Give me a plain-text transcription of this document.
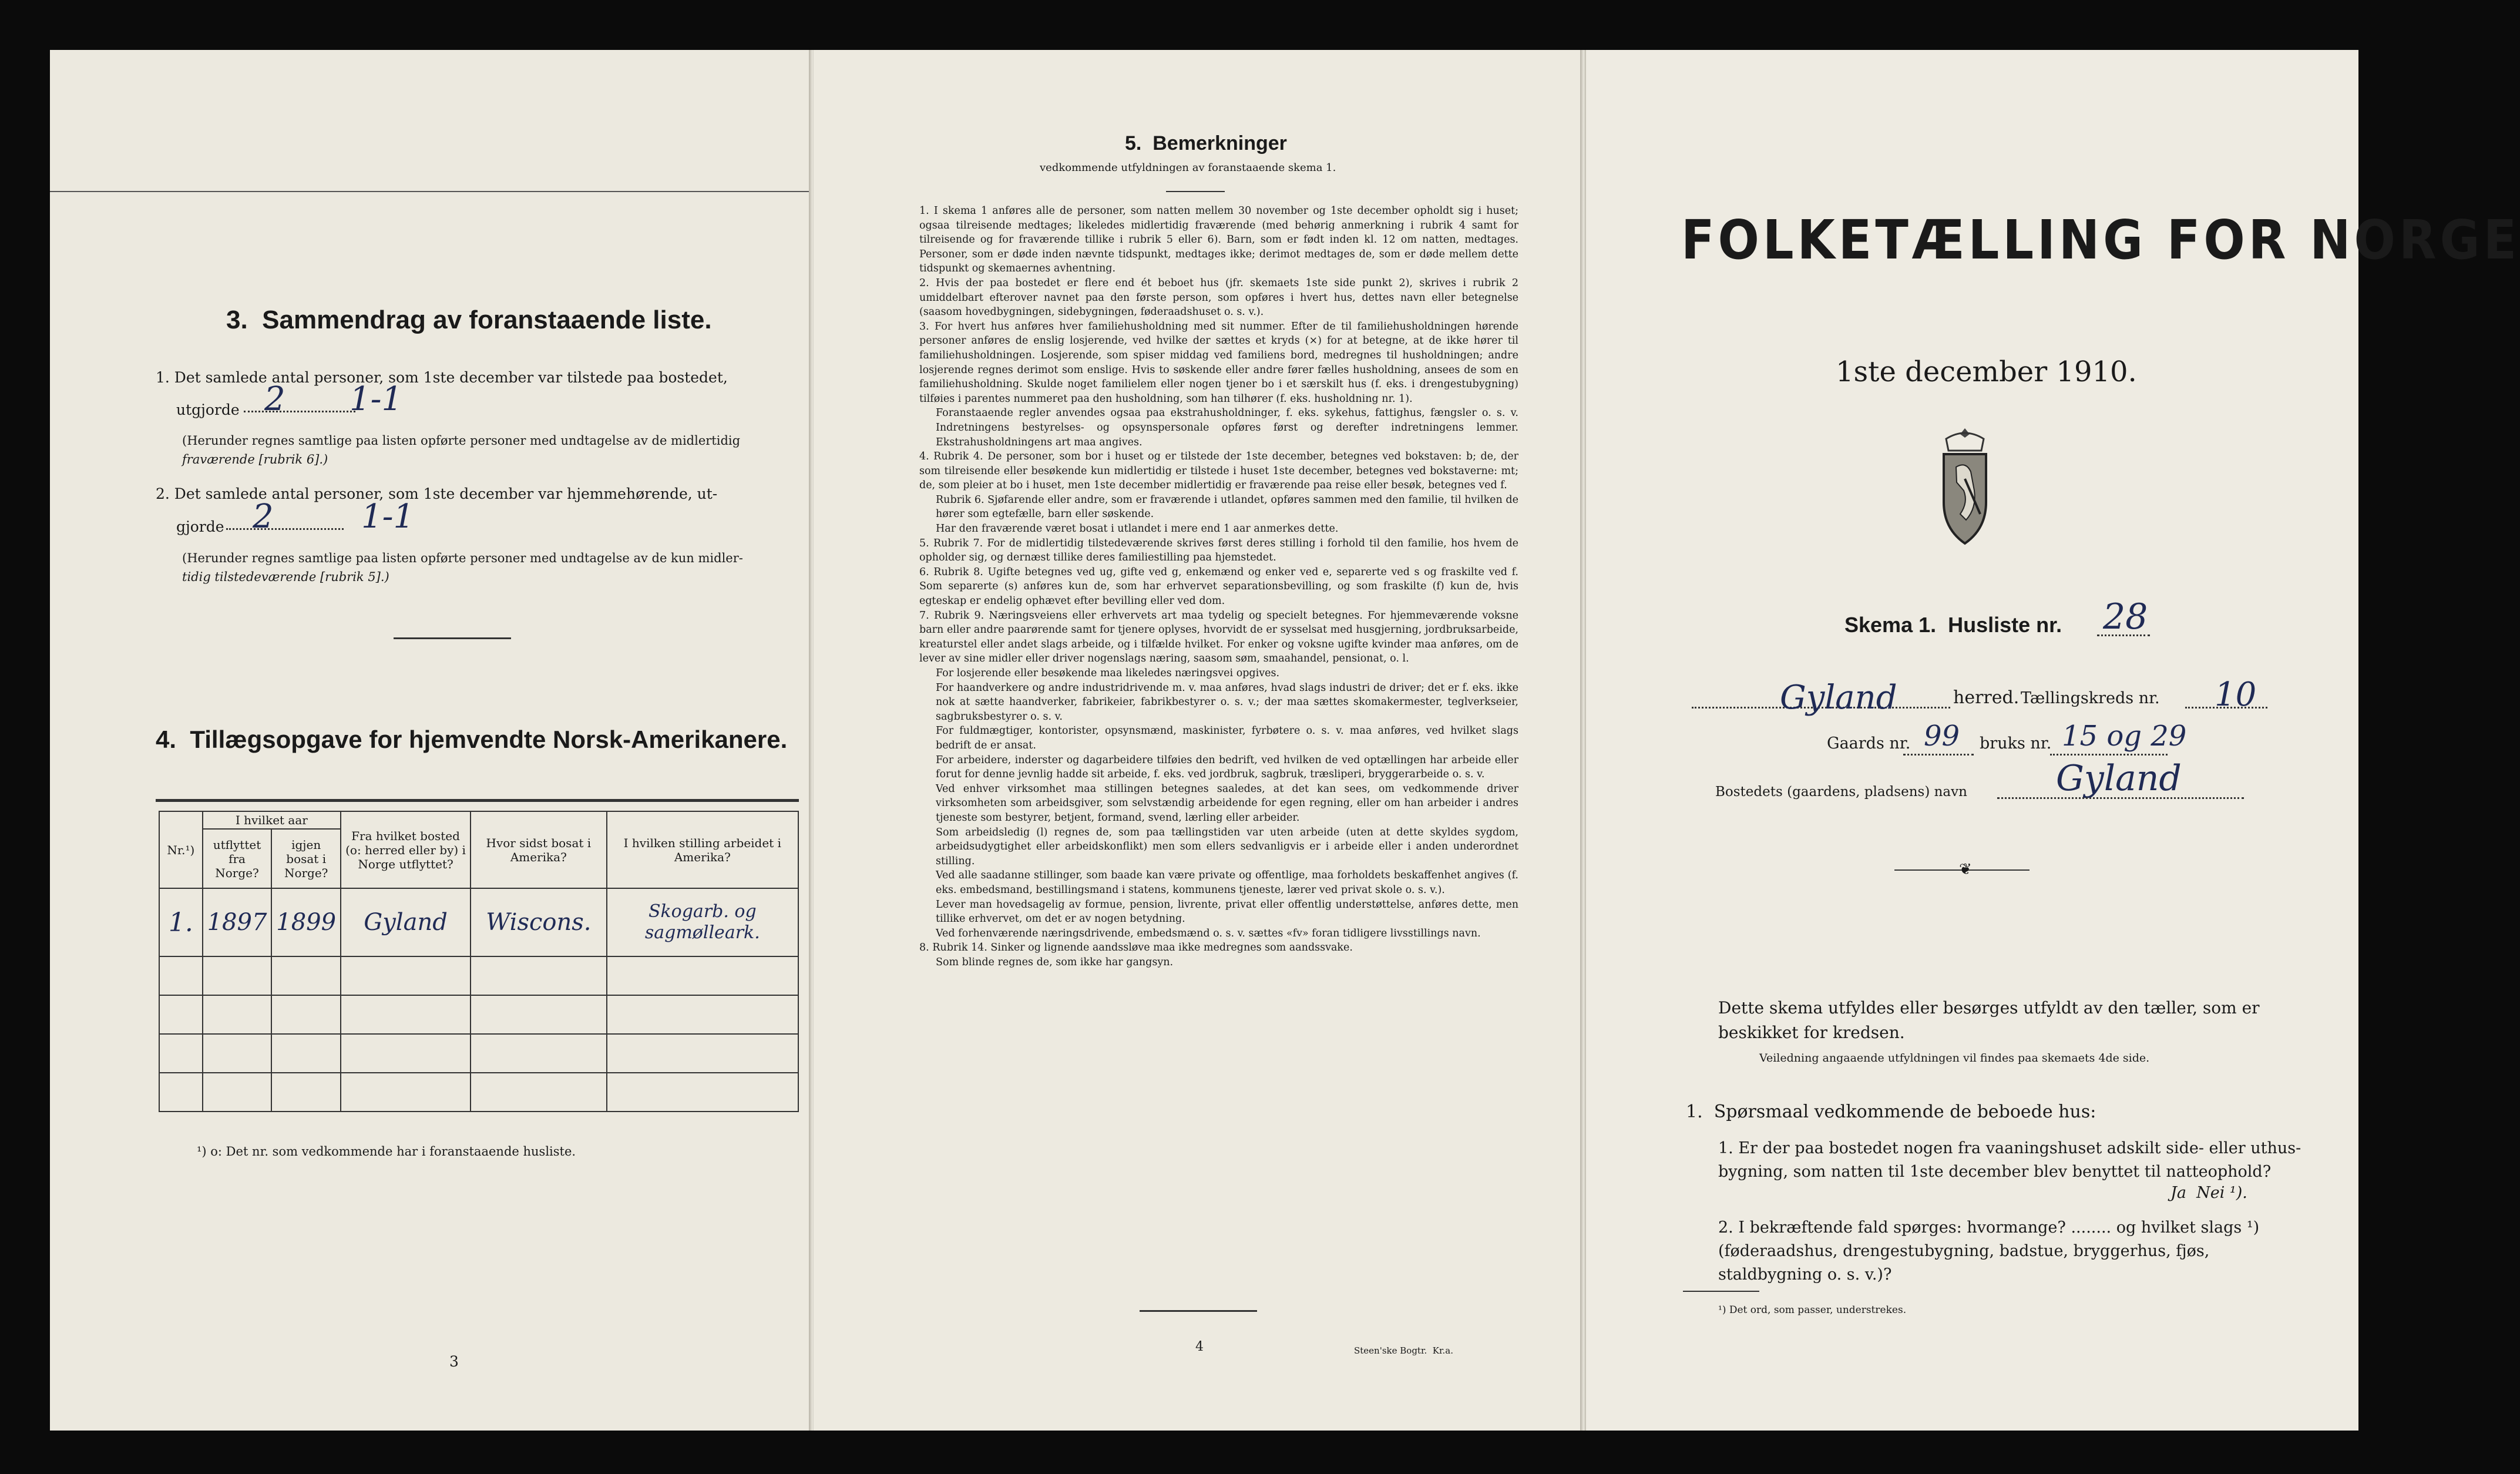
3.  Sammendrag av foranstaaende liste.
1. Det samlede antal personer, som 1ste december var tilstede paa bostedet,
utgjorde 2 1-1
(Herunder regnes samtlige paa listen opførte personer med undtagelse av de midlertidig
fraværende [rubrik 6].)
2. Det samlede antal personer, som 1ste december var hjemmehørende, ut-
gjorde 2	1-1
(Herunder regnes samtlige paa listen opførte personer med undtagelse av de kun midler-
tidig tilstedeværende [rubrik 5].)
4.  Tillægsopgave for hjemvendte Norsk-Amerikanere.
Nr.¹)	I hvilket aar		Fra hvilket bosted (o: herred eller by) i Norge utflyttet?	Hvor sidst bosat i Amerika?	I hvilken stilling arbeidet i Amerika?
	utflyttet fra Norge?	igjen bosat i Norge?			
1.	1897	1899	Gyland	Wiscons.	Skogarb. og sagmølleark.

¹) o: Det nr. som vedkommende har i foranstaaende husliste.
3
5.  Bemerkninger
vedkommende utfyldningen av foranstaaende skema 1.

1. I skema 1 anføres alle de personer, som natten mellem 30 november og 1ste december opholdt sig i huset; ogsaa tilreisende medtages; likeledes midlertidig fraværende (med behørig anmerkning i rubrik 4 samt for tilreisende og for fraværende tillike i rubrik 5 eller 6). Barn, som er født inden kl. 12 om natten, medtages. Personer, som er døde inden nævnte tidspunkt, medtages ikke; derimot medtages de, som er døde mellem dette tidspunkt og skemaernes avhentning.

2. Hvis der paa bostedet er flere end ét beboet hus (jfr. skemaets 1ste side punkt 2), skrives i rubrik 2 umiddelbart efterover navnet paa den første person, som opføres i hvert hus, dettes navn eller betegnelse (saasom hovedbygningen, sidebygningen, føderaadshuset o. s. v.).

3. For hvert hus anføres hver familiehusholdning med sit nummer. Efter de til familiehusholdningen hørende personer anføres de enslig losjerende, ved hvilke der sættes et kryds (×) for at betegne, at de ikke hører til familiehusholdningen. Losjerende, som spiser middag ved familiens bord, medregnes til husholdningen; andre losjerende regnes derimot som enslige. Hvis to søskende eller andre fører fælles husholdning, ansees de som en familiehusholdning. Skulde noget familielem eller nogen tjener bo i et særskilt hus (f. eks. i drengestubygning) tilføies i parentes nummeret paa den husholdning, som han tilhører (f. eks. husholdning nr. 1).

Foranstaaende regler anvendes ogsaa paa ekstrahusholdninger, f. eks. sykehus, fattighus, fængsler o. s. v. Indretningens bestyrelses- og opsynspersonale opføres først og derefter indretningens lemmer. Ekstrahusholdningens art maa angives.

4. Rubrik 4. De personer, som bor i huset og er tilstede der 1ste december, betegnes ved bokstaven: b; de, der som tilreisende eller besøkende kun midlertidig er tilstede i huset 1ste december, betegnes ved bokstaverne: mt; de, som pleier at bo i huset, men 1ste december midlertidig er fraværende paa reise eller besøk, betegnes ved f.

Rubrik 6. Sjøfarende eller andre, som er fraværende i utlandet, opføres sammen med den familie, til hvilken de hører som egtefælle, barn eller søskende.

Har den fraværende været bosat i utlandet i mere end 1 aar anmerkes dette.

5. Rubrik 7. For de midlertidig tilstedeværende skrives først deres stilling i forhold til den familie, hos hvem de opholder sig, og dernæst tillike deres familiestilling paa hjemstedet.

6. Rubrik 8. Ugifte betegnes ved ug, gifte ved g, enkemænd og enker ved e, separerte ved s og fraskilte ved f. Som separerte (s) anføres kun de, som har erhvervet separationsbevilling, og som fraskilte (f) kun de, hvis egteskap er endelig ophævet efter bevilling eller ved dom.

7. Rubrik 9. Næringsveiens eller erhvervets art maa tydelig og specielt betegnes. For hjemmeværende voksne barn eller andre paarørende samt for tjenere oplyses, hvorvidt de er sysselsat med husgjerning, jordbruksarbeide, kreaturstel eller andet slags arbeide, og i tilfælde hvilket. For enker og voksne ugifte kvinder maa anføres, om de lever av sine midler eller driver nogenslags næring, saasom søm, smaahandel, pensionat, o. l.

For losjerende eller besøkende maa likeledes næringsvei opgives.

For haandverkere og andre industridrivende m. v. maa anføres, hvad slags industri de driver; det er f. eks. ikke nok at sætte haandverker, fabrikeier, fabrikbestyrer o. s. v.; der maa sættes skomakermester, teglverkseier, sagbruksbestyrer o. s. v.

For fuldmægtiger, kontorister, opsynsmænd, maskinister, fyrbøtere o. s. v. maa anføres, ved hvilket slags bedrift de er ansat.

For arbeidere, inderster og dagarbeidere tilføies den bedrift, ved hvilken de ved optællingen har arbeide eller forut for denne jevnlig hadde sit arbeide, f. eks. ved jordbruk, sagbruk, træsliperi, bryggerarbeide o. s. v.

Ved enhver virksomhet maa stillingen betegnes saaledes, at det kan sees, om vedkommende driver virksomheten som arbeidsgiver, som selvstændig arbeidende for egen regning, eller om han arbeider i andres tjeneste som bestyrer, betjent, formand, svend, lærling eller arbeider.

Som arbeidsledig (l) regnes de, som paa tællingstiden var uten arbeide (uten at dette skyldes sygdom, arbeidsudygtighet eller arbeidskonflikt) men som ellers sedvanligvis er i arbeide eller i anden underordnet stilling.

Ved alle saadanne stillinger, som baade kan være private og offentlige, maa forholdets beskaffenhet angives (f. eks. embedsmand, bestillingsmand i statens, kommunens tjeneste, lærer ved privat skole o. s. v.).

Lever man hovedsagelig av formue, pension, livrente, privat eller offentlig understøttelse, anføres dette, men tillike erhvervet, om det er av nogen betydning.

Ved forhenværende næringsdrivende, embedsmænd o. s. v. sættes «fv» foran tidligere livsstillings navn.

8. Rubrik 14. Sinker og lignende aandssløve maa ikke medregnes som aandssvake.

Som blinde regnes de, som ikke har gangsyn.

4	Steen'ske Bogtr.  Kr.a.
FOLKETÆLLING FOR NORGE
1ste december 1910.
Skema 1.  Husliste nr. 28
Gyland	herred. Tællingskreds nr. 10
Gaards nr. 99 bruks nr. 15 og 29
Bostedets (gaardens, pladsens) navn	Gyland
❦
Dette skema utfyldes eller besørges utfyldt av den tæller, som er beskikket for kredsen.
Veiledning angaaende utfyldningen vil findes paa skemaets 4de side.
1.  Spørsmaal vedkommende de beboede hus:
1. Er der paa bostedet nogen fra vaaningshuset adskilt side- eller uthus-bygning, som natten til 1ste december blev benyttet til natteophold?
Ja  Nei ¹).
2. I bekræftende fald spørges: hvormange? ........ og hvilket slags ¹) (føderaadshus, drengestubygning, badstue, bryggerhus, fjøs, staldbygning o. s. v.)?
¹) Det ord, som passer, understrekes.
